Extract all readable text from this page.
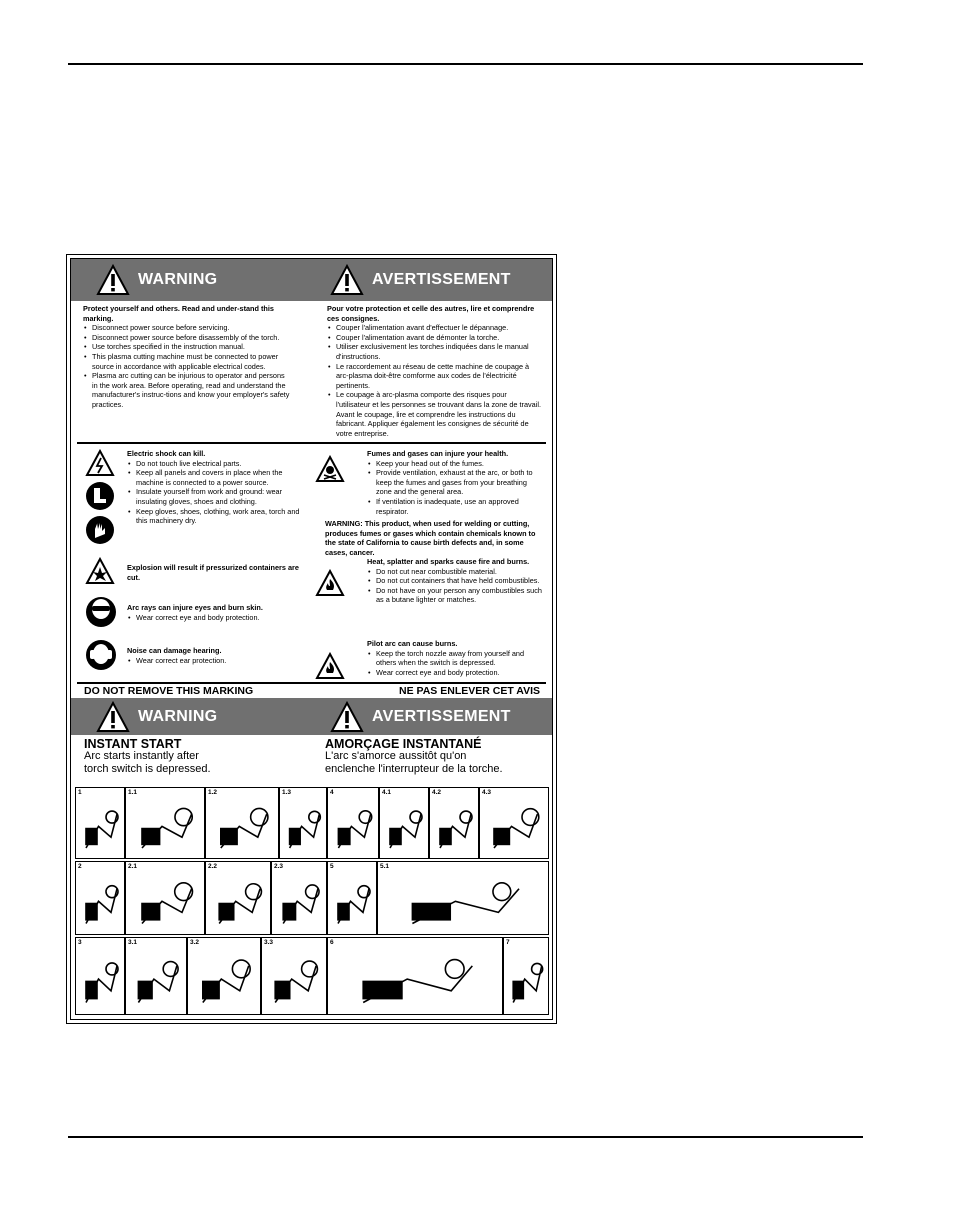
WARNING	AVERTISSEMENT

Protect yourself and others. Read and under-stand this marking.

• Disconnect power source before servicing.
• Disconnect power source before disassembly of the torch.
• Use torches specified in the instruction manual.
• This plasma cutting machine must be connected to power source in accordance with applicable electrical codes.
• Plasma arc cutting can be injurious to operator and persons in the work area. Before operating, read and understand the manufacturer's instruc-tions and know your employer's safety practices.

Pour votre protection et celle des autres, lire et comprendre ces consignes.

• Couper l'alimentation avant d'effectuer le dépannage.
• Couper l'alimentation avant de démonter la torche.
• Utiliser exclusivement les torches indiquées dans le manual d'instructions.
• Le raccordement au réseau de cette machine de coupage à arc-plasma doit-être comforme aux codes de l'électricité pertinents.
• Le coupage à arc-plasma comporte des risques pour l'utilisateur et les personnes se trouvant dans la zone de travail. Avant le coupage, lire et comprendre les instructions du fabricant. Appliquer également les consignes de sécurité de votre entreprise.
Electric shock can kill.
• Do not touch live electrical parts.
• Keep all panels and covers in place when the machine is connected to a power source.
• Insulate yourself from work and ground: wear insulating gloves, shoes and clothing.
• Keep gloves, shoes, clothing, work area, torch and this machinery dry.
Explosion will result if pressurized containers are cut.
Arc rays can injure eyes and burn skin.
• Wear correct eye and body protection.
Noise can damage hearing.
• Wear correct ear protection.
Fumes and gases can injure your health.
• Keep your head out of the fumes.
• Provide ventilation, exhaust at the arc, or both to keep the fumes and gases from your breathing zone and the general area.
• If ventilation is inadequate, use an approved respirator.

WARNING: This product, when used for welding or cutting, produces fumes or gases which contain chemicals known to the state of California to cause birth defects and, in some cases, cancer.

Heat, splatter and sparks cause fire and burns.
• Do not cut near combustible material.
• Do not cut containers that have held combustibles.
• Do not have on your person any combustibles such as a butane lighter or matches.
Pilot arc can cause burns.
• Keep the torch nozzle away from yourself and others when the switch is depressed.
• Wear correct eye and body protection.
DO NOT REMOVE THIS MARKING	NE PAS ENLEVER CET AVIS
WARNING	AVERTISSEMENT
INSTANT START
Arc starts instantly after
torch switch is depressed.
AMORÇAGE INSTANTANÉ
L'arc s'amorce aussitôt qu'on
enclenche l'interrupteur de la torche.
1	1.1	1.2	1.3	4	4.1	4.2	4.3
2	2.1	2.2	2.3	5	5.1
3	3.1	3.2	3.3	6	7
